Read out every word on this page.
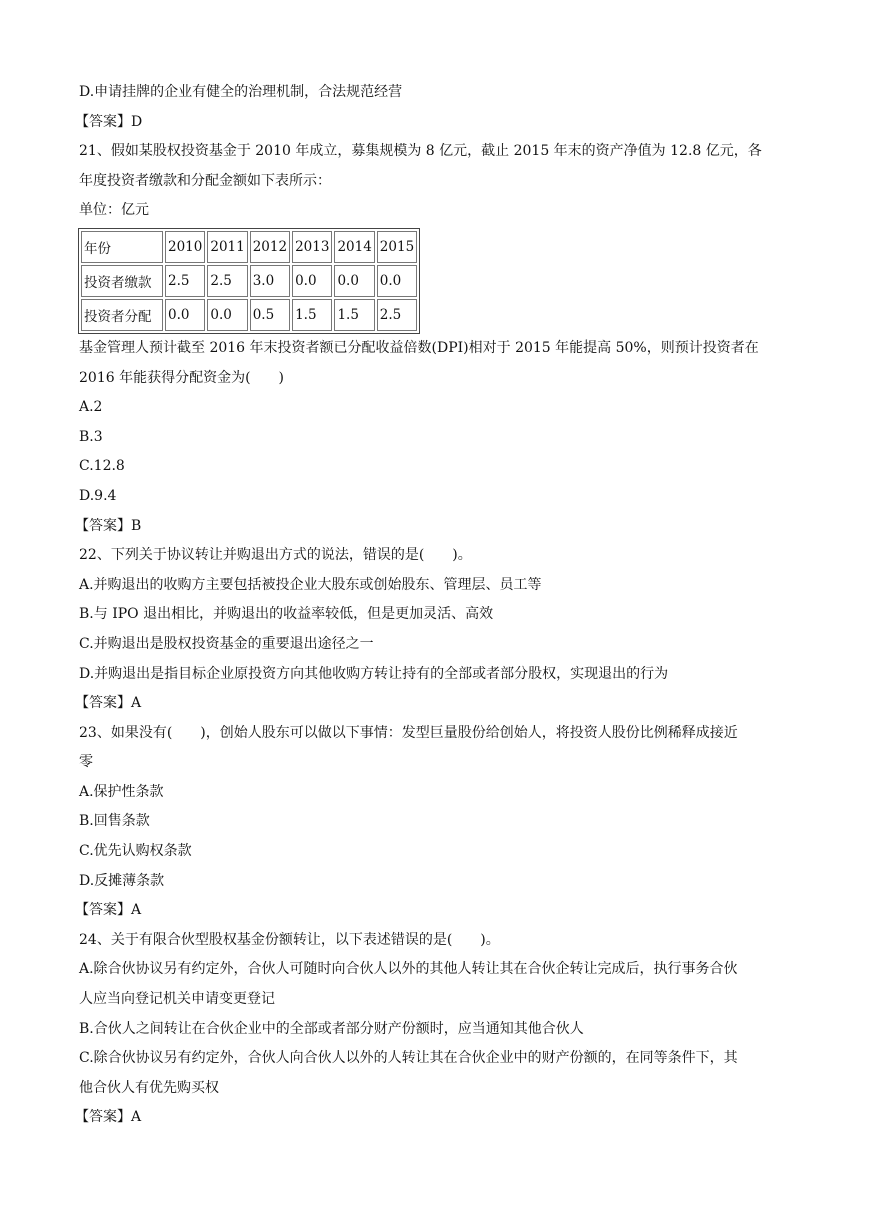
D.申请挂牌的企业有健全的治理机制，合法规范经营
【答案】D
21、假如某股权投资基金于 2010 年成立，募集规模为 8 亿元，截止 2015 年末的资产净值为 12.8 亿元，各
年度投资者缴款和分配金额如下表所示：
单位：亿元
年份	2010	2011	2012	2013	2014	2015
投资者缴款	2.5	2.5	3.0	0.0	0.0	0.0
投资者分配	0.0	0.0	0.5	1.5	1.5	2.5
基金管理人预计截至 2016 年末投资者额已分配收益倍数(DPI)相对于 2015 年能提高 50%，则预计投资者在
2016 年能获得分配资金为(　　)
A.2
B.3
C.12.8
D.9.4
【答案】B
22、下列关于协议转让并购退出方式的说法，错误的是(　　)。
A.并购退出的收购方主要包括被投企业大股东或创始股东、管理层、员工等
B.与 IPO 退出相比，并购退出的收益率较低，但是更加灵活、高效
C.并购退出是股权投资基金的重要退出途径之一
D.并购退出是指目标企业原投资方向其他收购方转让持有的全部或者部分股权，实现退出的行为
【答案】A
23、如果没有(　　)，创始人股东可以做以下事情：发型巨量股份给创始人，将投资人股份比例稀释成接近
零
A.保护性条款
B.回售条款
C.优先认购权条款
D.反摊薄条款
【答案】A
24、关于有限合伙型股权基金份额转让，以下表述错误的是(　　)。
A.除合伙协议另有约定外，合伙人可随时向合伙人以外的其他人转让其在合伙企转让完成后，执行事务合伙
人应当向登记机关申请变更登记
B.合伙人之间转让在合伙企业中的全部或者部分财产份额时，应当通知其他合伙人
C.除合伙协议另有约定外，合伙人向合伙人以外的人转让其在合伙企业中的财产份额的，在同等条件下，其
他合伙人有优先购买权
【答案】A
